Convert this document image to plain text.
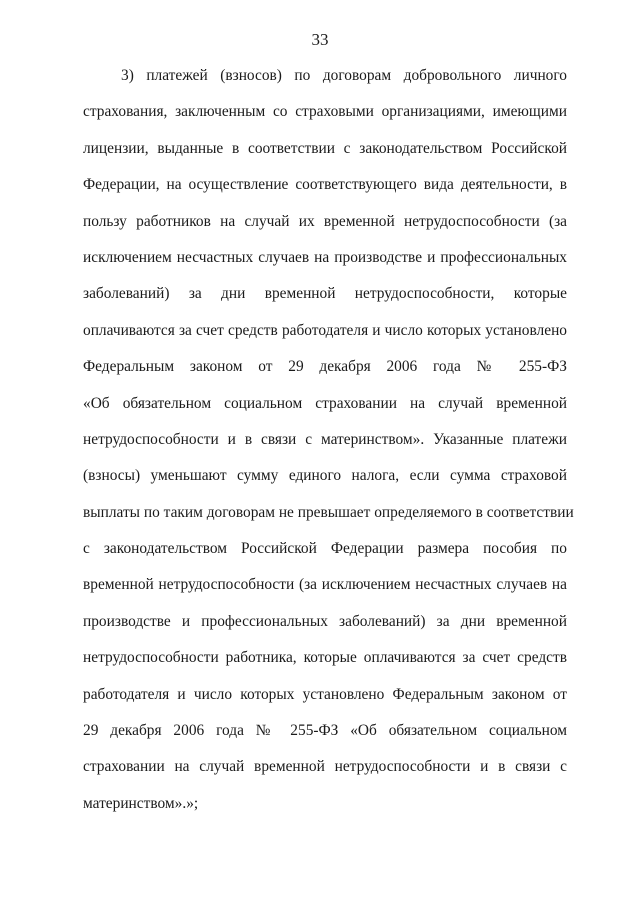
33
3) платежей (взносов) по договорам добровольного личного
страхования, заключенным со страховыми организациями, имеющими
лицензии, выданные в соответствии с законодательством Российской
Федерации, на осуществление соответствующего вида деятельности, в
пользу работников на случай их временной нетрудоспособности (за
исключением несчастных случаев на производстве и профессиональных
заболеваний) за дни временной нетрудоспособности, которые
оплачиваются за счет средств работодателя и число которых установлено
Федеральным законом от 29 декабря 2006 года № 255-ФЗ
«Об обязательном социальном страховании на случай временной
нетрудоспособности и в связи с материнством». Указанные платежи
(взносы) уменьшают сумму единого налога, если сумма страховой
выплаты по таким договорам не превышает определяемого в соответствии
с законодательством Российской Федерации размера пособия по
временной нетрудоспособности (за исключением несчастных случаев на
производстве и профессиональных заболеваний) за дни временной
нетрудоспособности работника, которые оплачиваются за счет средств
работодателя и число которых установлено Федеральным законом от
29 декабря 2006 года № 255-ФЗ «Об обязательном социальном
страховании на случай временной нетрудоспособности и в связи с
материнством».»;
